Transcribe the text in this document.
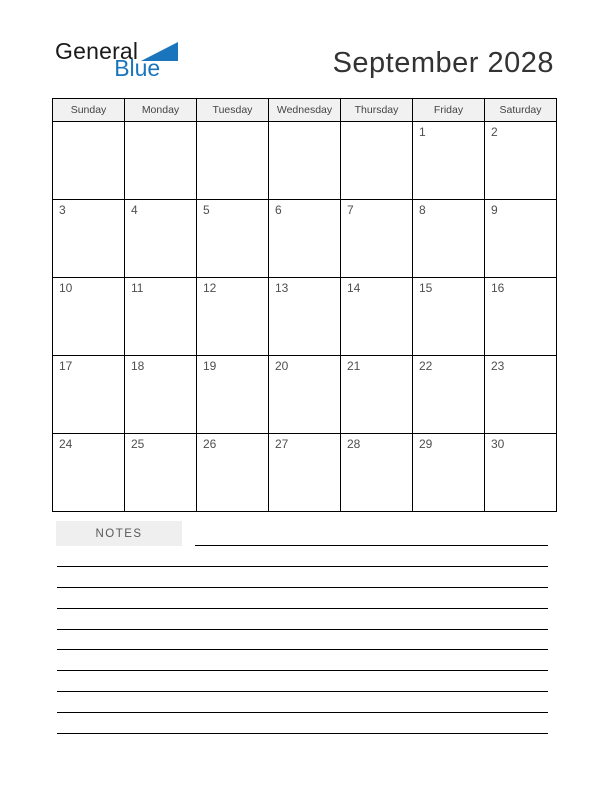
General
Blue	September 2028
Sunday	Monday	Tuesday	Wednesday	Thursday	Friday	Saturday
					1	2
3	4	5	6	7	8	9
10	11	12	13	14	15	16
17	18	19	20	21	22	23
24	25	26	27	28	29	30
NOTES
